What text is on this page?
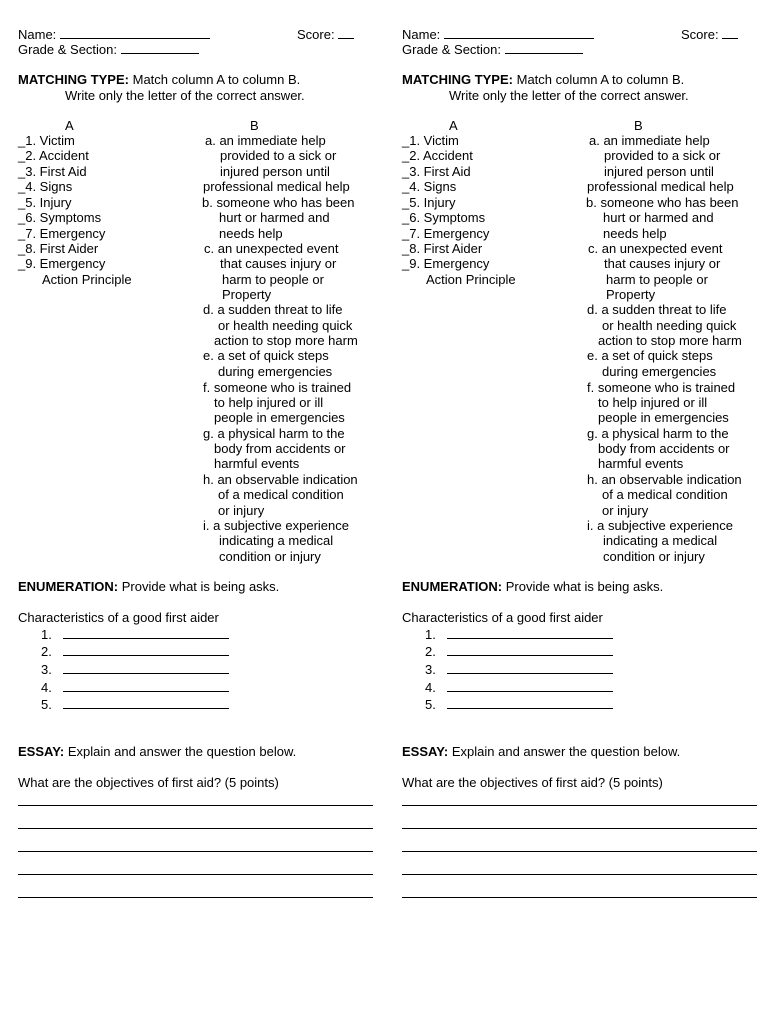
Name:	Score:
Grade & Section:
MATCHING TYPE: Match column A to column B.
Write only the letter of the correct answer.
A	B
_1. Victim
_2. Accident
_3. First Aid
_4. Signs
_5. Injury
_6. Symptoms
_7. Emergency
_8. First Aider
_9. Emergency
Action Principle
a. an immediate help
provided to a sick or
injured person until
professional medical help
b. someone who has been
hurt or harmed and
needs help
c. an unexpected event
that causes injury or
harm to people or
Property
d. a sudden threat to life
or health needing quick
action to stop more harm
e. a set of quick steps
during emergencies
f. someone who is trained
to help injured or ill
people in emergencies
g. a physical harm to the
body from accidents or
harmful events
h. an observable indication
of a medical condition
or injury
i. a subjective experience
indicating a medical
condition or injury
ENUMERATION: Provide what is being asks.
Characteristics of a good first aider
1.
2.
3.
4.
5.
ESSAY: Explain and answer the question below.
What are the objectives of first aid? (5 points)
Name:	Score:
Grade & Section:
MATCHING TYPE: Match column A to column B.
Write only the letter of the correct answer.
A	B
_1. Victim
_2. Accident
_3. First Aid
_4. Signs
_5. Injury
_6. Symptoms
_7. Emergency
_8. First Aider
_9. Emergency
Action Principle
a. an immediate help
provided to a sick or
injured person until
professional medical help
b. someone who has been
hurt or harmed and
needs help
c. an unexpected event
that causes injury or
harm to people or
Property
d. a sudden threat to life
or health needing quick
action to stop more harm
e. a set of quick steps
during emergencies
f. someone who is trained
to help injured or ill
people in emergencies
g. a physical harm to the
body from accidents or
harmful events
h. an observable indication
of a medical condition
or injury
i. a subjective experience
indicating a medical
condition or injury
ENUMERATION: Provide what is being asks.
Characteristics of a good first aider
1.
2.
3.
4.
5.
ESSAY: Explain and answer the question below.
What are the objectives of first aid? (5 points)
